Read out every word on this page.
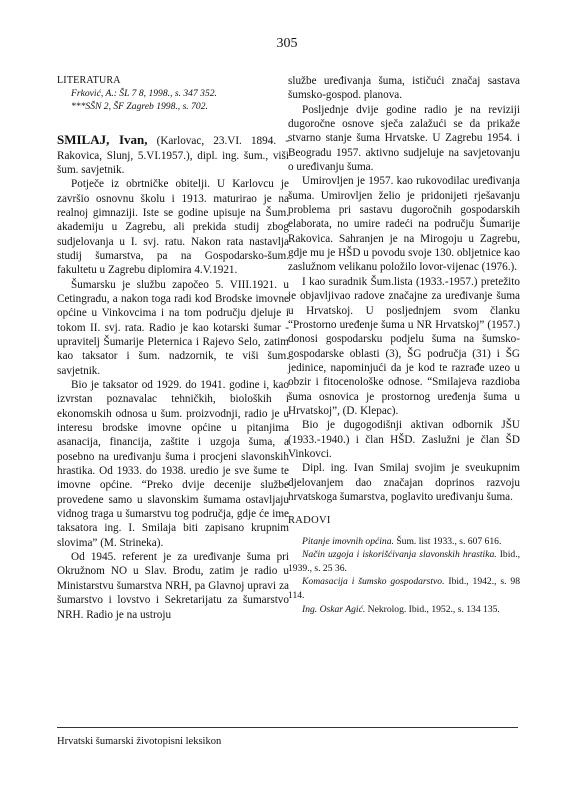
305
LITERATURA
Frković, A.: ŠL 7 8, 1998., s. 347 352.
***SŠN 2, ŠF Zagreb 1998., s. 702.

SMILAJ, Ivan, (Karlovac, 23.VI. 1894. - Rakovica, Slunj, 5.VI.1957.), dipl. ing. šum., viši šum. savjetnik.

Potječe iz obrtničke obitelji. U Karlovcu je završio osnovnu školu i 1913. maturirao je na realnoj gimnaziji. Iste se godine upisuje na Šum. akademiju u Zagrebu, ali prekida studij zbog sudjelovanja u I. svj. ratu. Nakon rata nastavlja studij šumarstva, pa na Gospodarsko-šum. fakultetu u Zagrebu diplomira 4.V.1921.

Šumarsku je službu započeo 5. VIII.1921. u Cetingradu, a nakon toga radi kod Brodske imovne općine u Vinkovcima i na tom području djeluje i tokom II. svj. rata. Radio je kao kotarski šumar - upravitelj Šumarije Pleternica i Rajevo Selo, zatim kao taksator i šum. nadzornik, te viši šum. savjetnik.

Bio je taksator od 1929. do 1941. godine i, kao izvrstan poznavalac tehničkih, bioloških i ekonomskih odnosa u šum. proizvodnji, radio je u interesu brodske imovne općine u pitanjima asanacija, financija, zaštite i uzgoja šuma, a posebno na uređivanju šuma i procjeni slavonskih hrastika. Od 1933. do 1938. uredio je sve šume te imovne općine. “Preko dvije decenije službe provedene samo u slavonskim šumama ostavljaju vidnog traga u šumarstvu tog područja, gdje će ime taksatora ing. I. Smilaja biti zapisano krupnim slovima” (M. Strineka).

Od 1945. referent je za uređivanje šuma pri Okružnom NO u Slav. Brodu, zatim je radio u Ministarstvu šumarstva NRH, pa Glavnoj upravi za šumarstvo i lovstvo i Sekretarijatu za šumarstvo NRH. Radio je na ustroju

službe uređivanja šuma, ističući značaj sastava šumsko-gospod. planova.

Posljednje dvije godine radio je na reviziji dugoročne osnove sječa zalažući se da prikaže stvarno stanje šuma Hrvatske. U Zagrebu 1954. i Beogradu 1957. aktivno sudjeluje na savjetovanju o uređivanju šuma.

Umirovljen je 1957. kao rukovodilac uređivanja šuma. Umirovljen želio je pridonijeti rješavanju problema pri sastavu dugoročnih gospodarskih elaborata, no umire radeći na području Šumarije Rakovica. Sahranjen je na Mirogoju u Zagrebu, gdje mu je HŠD u povodu svoje 130. obljetnice kao zaslužnom velikanu položilo lovor-vijenac (1976.).

I kao suradnik Šum.lista (1933.-1957.) pretežito je objavljivao radove značajne za uređivanje šuma u Hrvatskoj. U posljednjem svom članku “Prostorno uređenje šuma u NR Hrvatskoj” (1957.) donosi gospodarsku podjelu šuma na šumsko-gospodarske oblasti (3), ŠG područja (31) i ŠG jedinice, napominjući da je kod te razrađe uzeo u obzir i fitocenološke odnose. “Smilajeva razdioba šuma osnovica je prostornog uređenja šuma u Hrvatskoj”, (D. Klepac).

Bio je dugogodišnji aktivan odbornik JŠU (1933.-1940.) i član HŠD. Zaslužni je član ŠD Vinkovci.

Dipl. ing. Ivan Smilaj svojim je sveukupnim djelovanjem dao značajan doprinos razvoju hrvatskoga šumarstva, poglavito uređivanju šuma.

RADOVI

Pitanje imovnih općina. Šum. list 1933., s. 607 616.

Način uzgoja i iskorišćivanja slavonskih hrastika. Ibid., 1939., s. 25 36.

Komasacija i šumsko gospodarstvo. Ibid., 1942., s. 98 114.

Ing. Oskar Agić. Nekrolog. Ibid., 1952., s. 134 135.

Hrvatski šumarski životopisni leksikon
